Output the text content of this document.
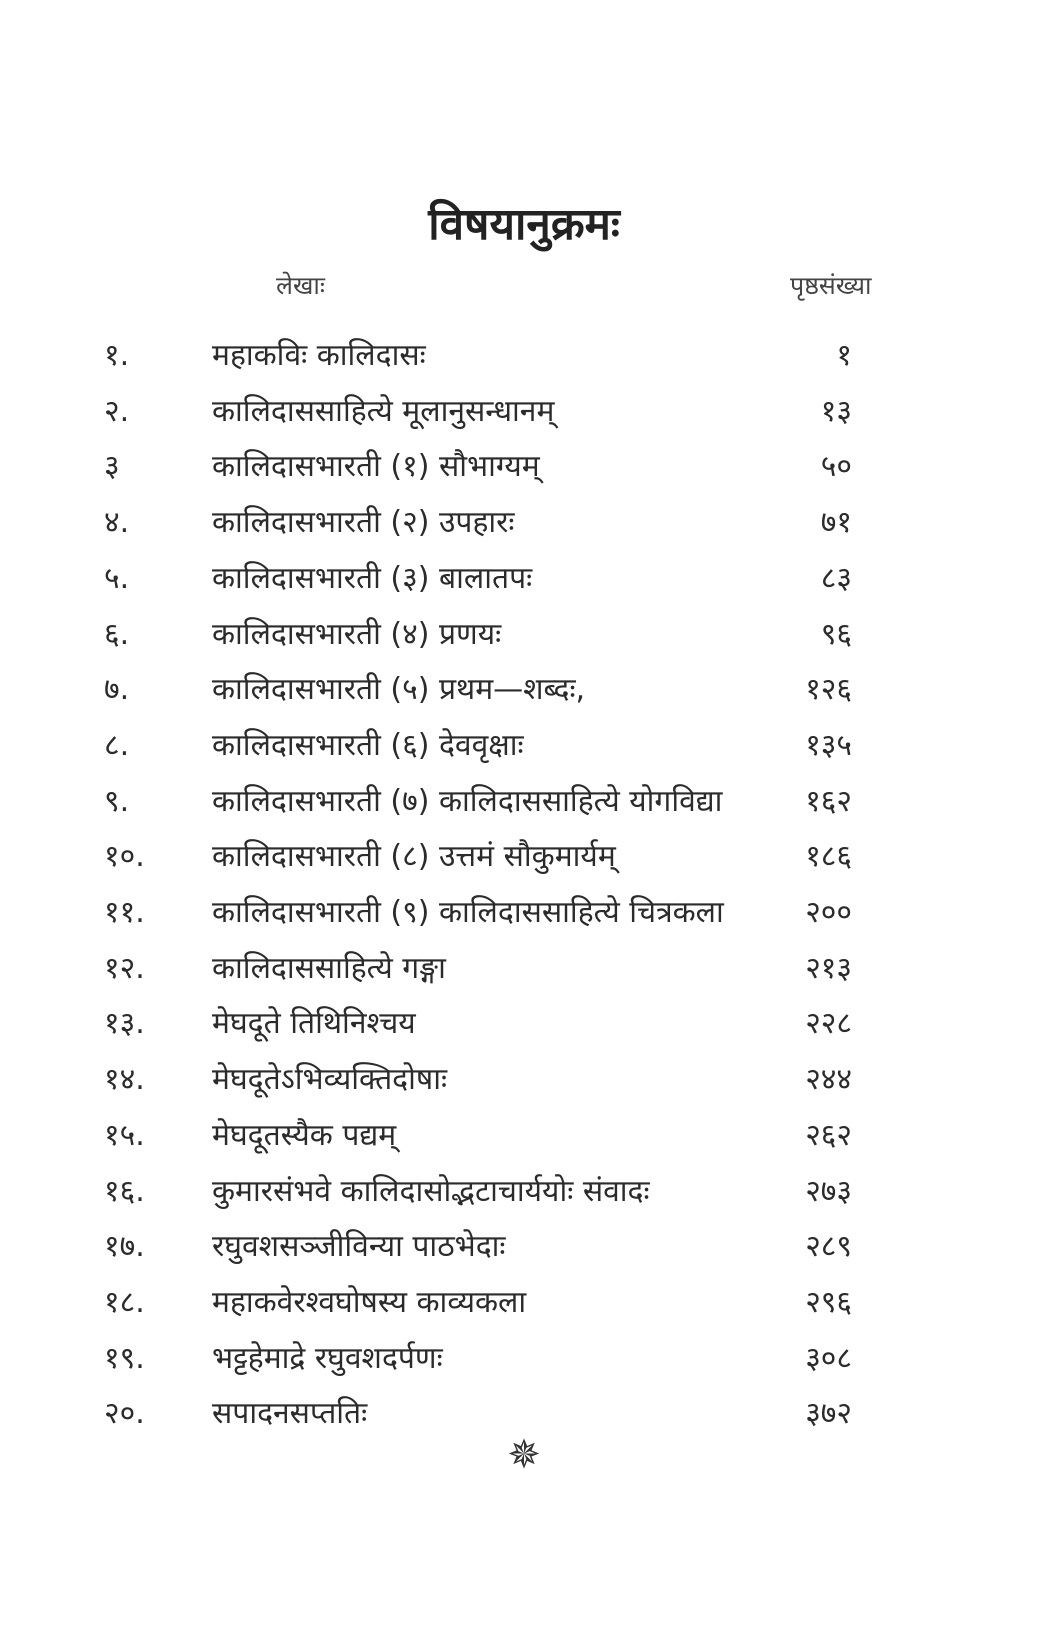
विषयानुक्रमः
लेखाः	पृष्ठसंख्या
१.	महाकविः कालिदासः	१
२.	कालिदाससाहित्ये मूलानुसन्धानम्	१३
३	कालिदासभारती (१) सौभाग्यम्	५०
४.	कालिदासभारती (२) उपहारः	७१
५.	कालिदासभारती (३) बालातपः	८३
६.	कालिदासभारती (४) प्रणयः	९६
७.	कालिदासभारती (५) प्रथम—शब्दः,	१२६
८.	कालिदासभारती (६) देववृक्षाः	१३५
९.	कालिदासभारती (७) कालिदाससाहित्ये योगविद्या	१६२
१०.	कालिदासभारती (८) उत्तमं सौकुमार्यम्	१८६
११.	कालिदासभारती (९) कालिदाससाहित्ये चित्रकला	२००
१२.	कालिदाससाहित्ये गङ्गा	२१३
१३.	मेघदूते तिथिनिश्चय	२२८
१४.	मेघदूतेऽभिव्यक्तिदोषाः	२४४
१५.	मेघदूतस्यैक पद्यम्	२६२
१६.	कुमारसंभवे कालिदासोद्भटाचार्ययोः संवादः	२७३
१७.	रघुवशसञ्जीविन्या पाठभेदाः	२८९
१८.	महाकवेरश्वघोषस्य काव्यकला	२९६
१९.	भट्टहेमाद्रे रघुवशदर्पणः	३०८
२०.	सपादनसप्ततिः	३७२
✵
